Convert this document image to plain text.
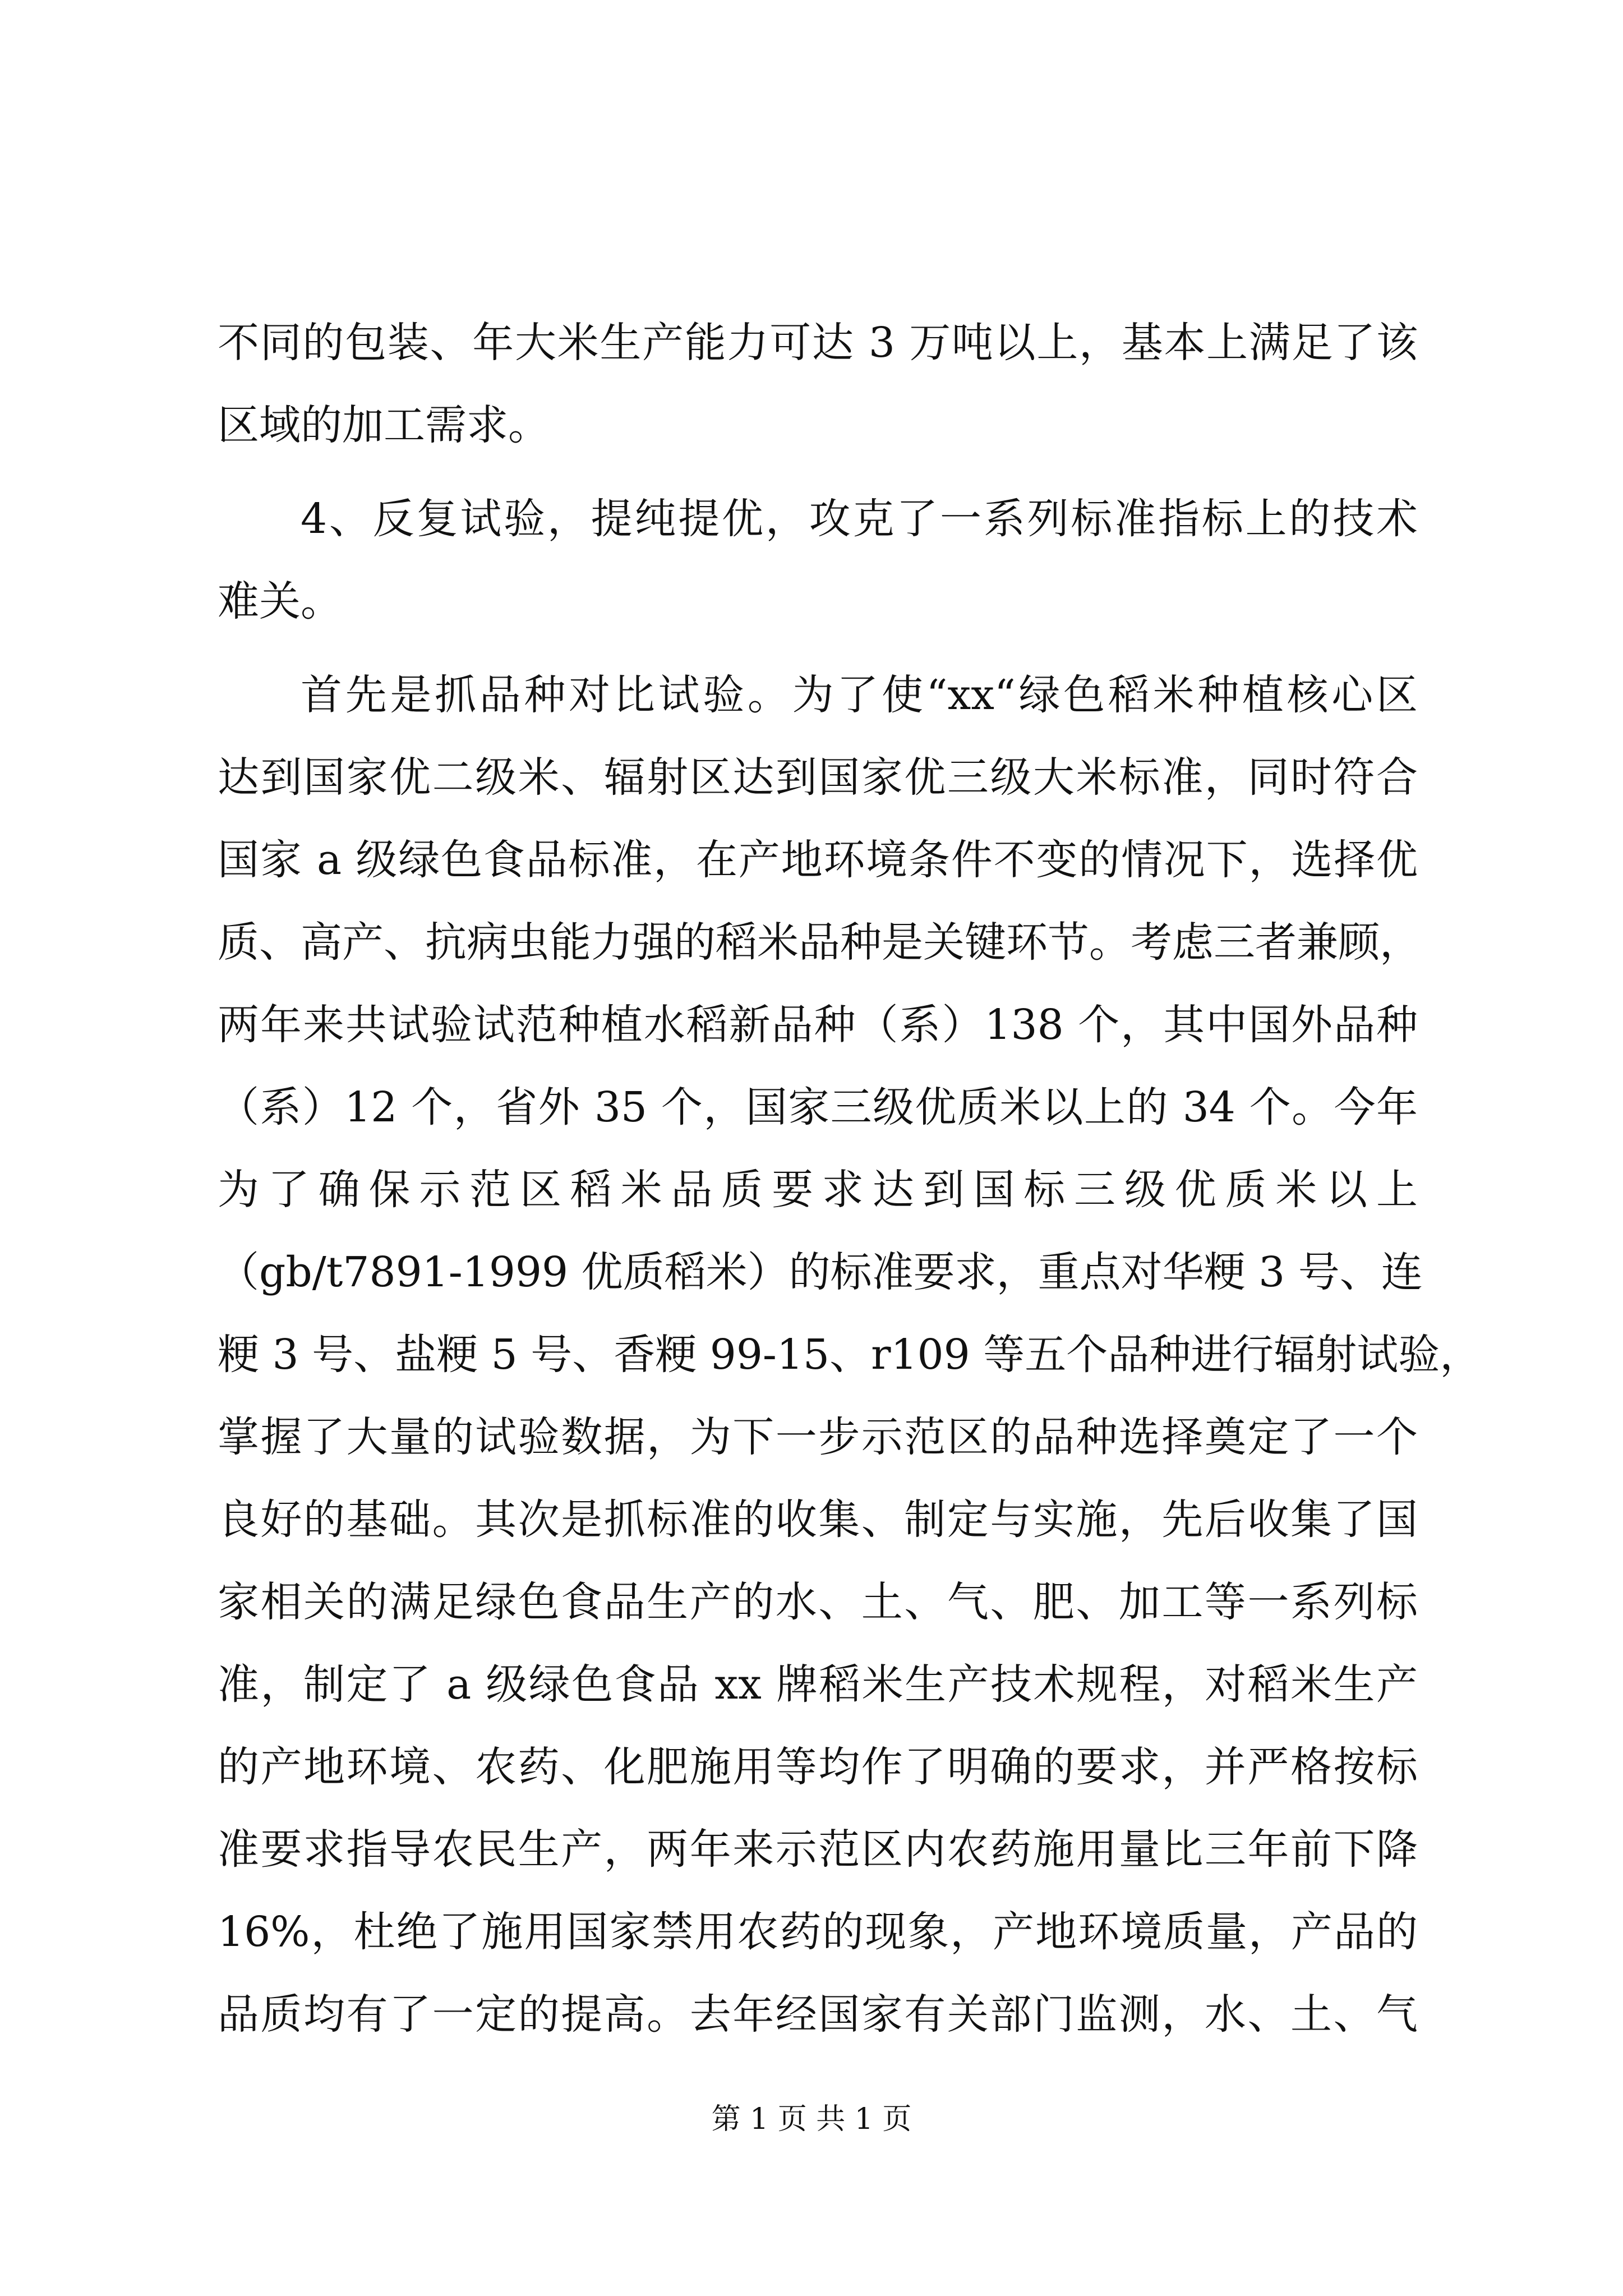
不同的包装、年大米生产能力可达 3 万吨以上，基本上满足了该
区域的加工需求。
4、反复试验，提纯提优，攻克了一系列标准指标上的技术
难关。
首先是抓品种对比试验。为了使“xx“绿色稻米种植核心区
达到国家优二级米、辐射区达到国家优三级大米标准，同时符合
国家 a 级绿色食品标准，在产地环境条件不变的情况下，选择优
质、高产、抗病虫能力强的稻米品种是关键环节。考虑三者兼顾，
两年来共试验试范种植水稻新品种（系）138 个，其中国外品种
（系）12 个，省外 35 个，国家三级优质米以上的 34 个。今年
为了确保示范区稻米品质要求达到国标三级优质米以上
（gb/t7891-1999 优质稻米）的标准要求，重点对华粳 3 号、连
粳 3 号、盐粳 5 号、香粳 99-15、r109 等五个品种进行辐射试验，
掌握了大量的试验数据，为下一步示范区的品种选择奠定了一个
良好的基础。其次是抓标准的收集、制定与实施，先后收集了国
家相关的满足绿色食品生产的水、土、气、肥、加工等一系列标
准，制定了 a 级绿色食品 xx 牌稻米生产技术规程，对稻米生产
的产地环境、农药、化肥施用等均作了明确的要求，并严格按标
准要求指导农民生产，两年来示范区内农药施用量比三年前下降
16%，杜绝了施用国家禁用农药的现象，产地环境质量，产品的
品质均有了一定的提高。去年经国家有关部门监测，水、土、气
第 1 页 共 1 页
